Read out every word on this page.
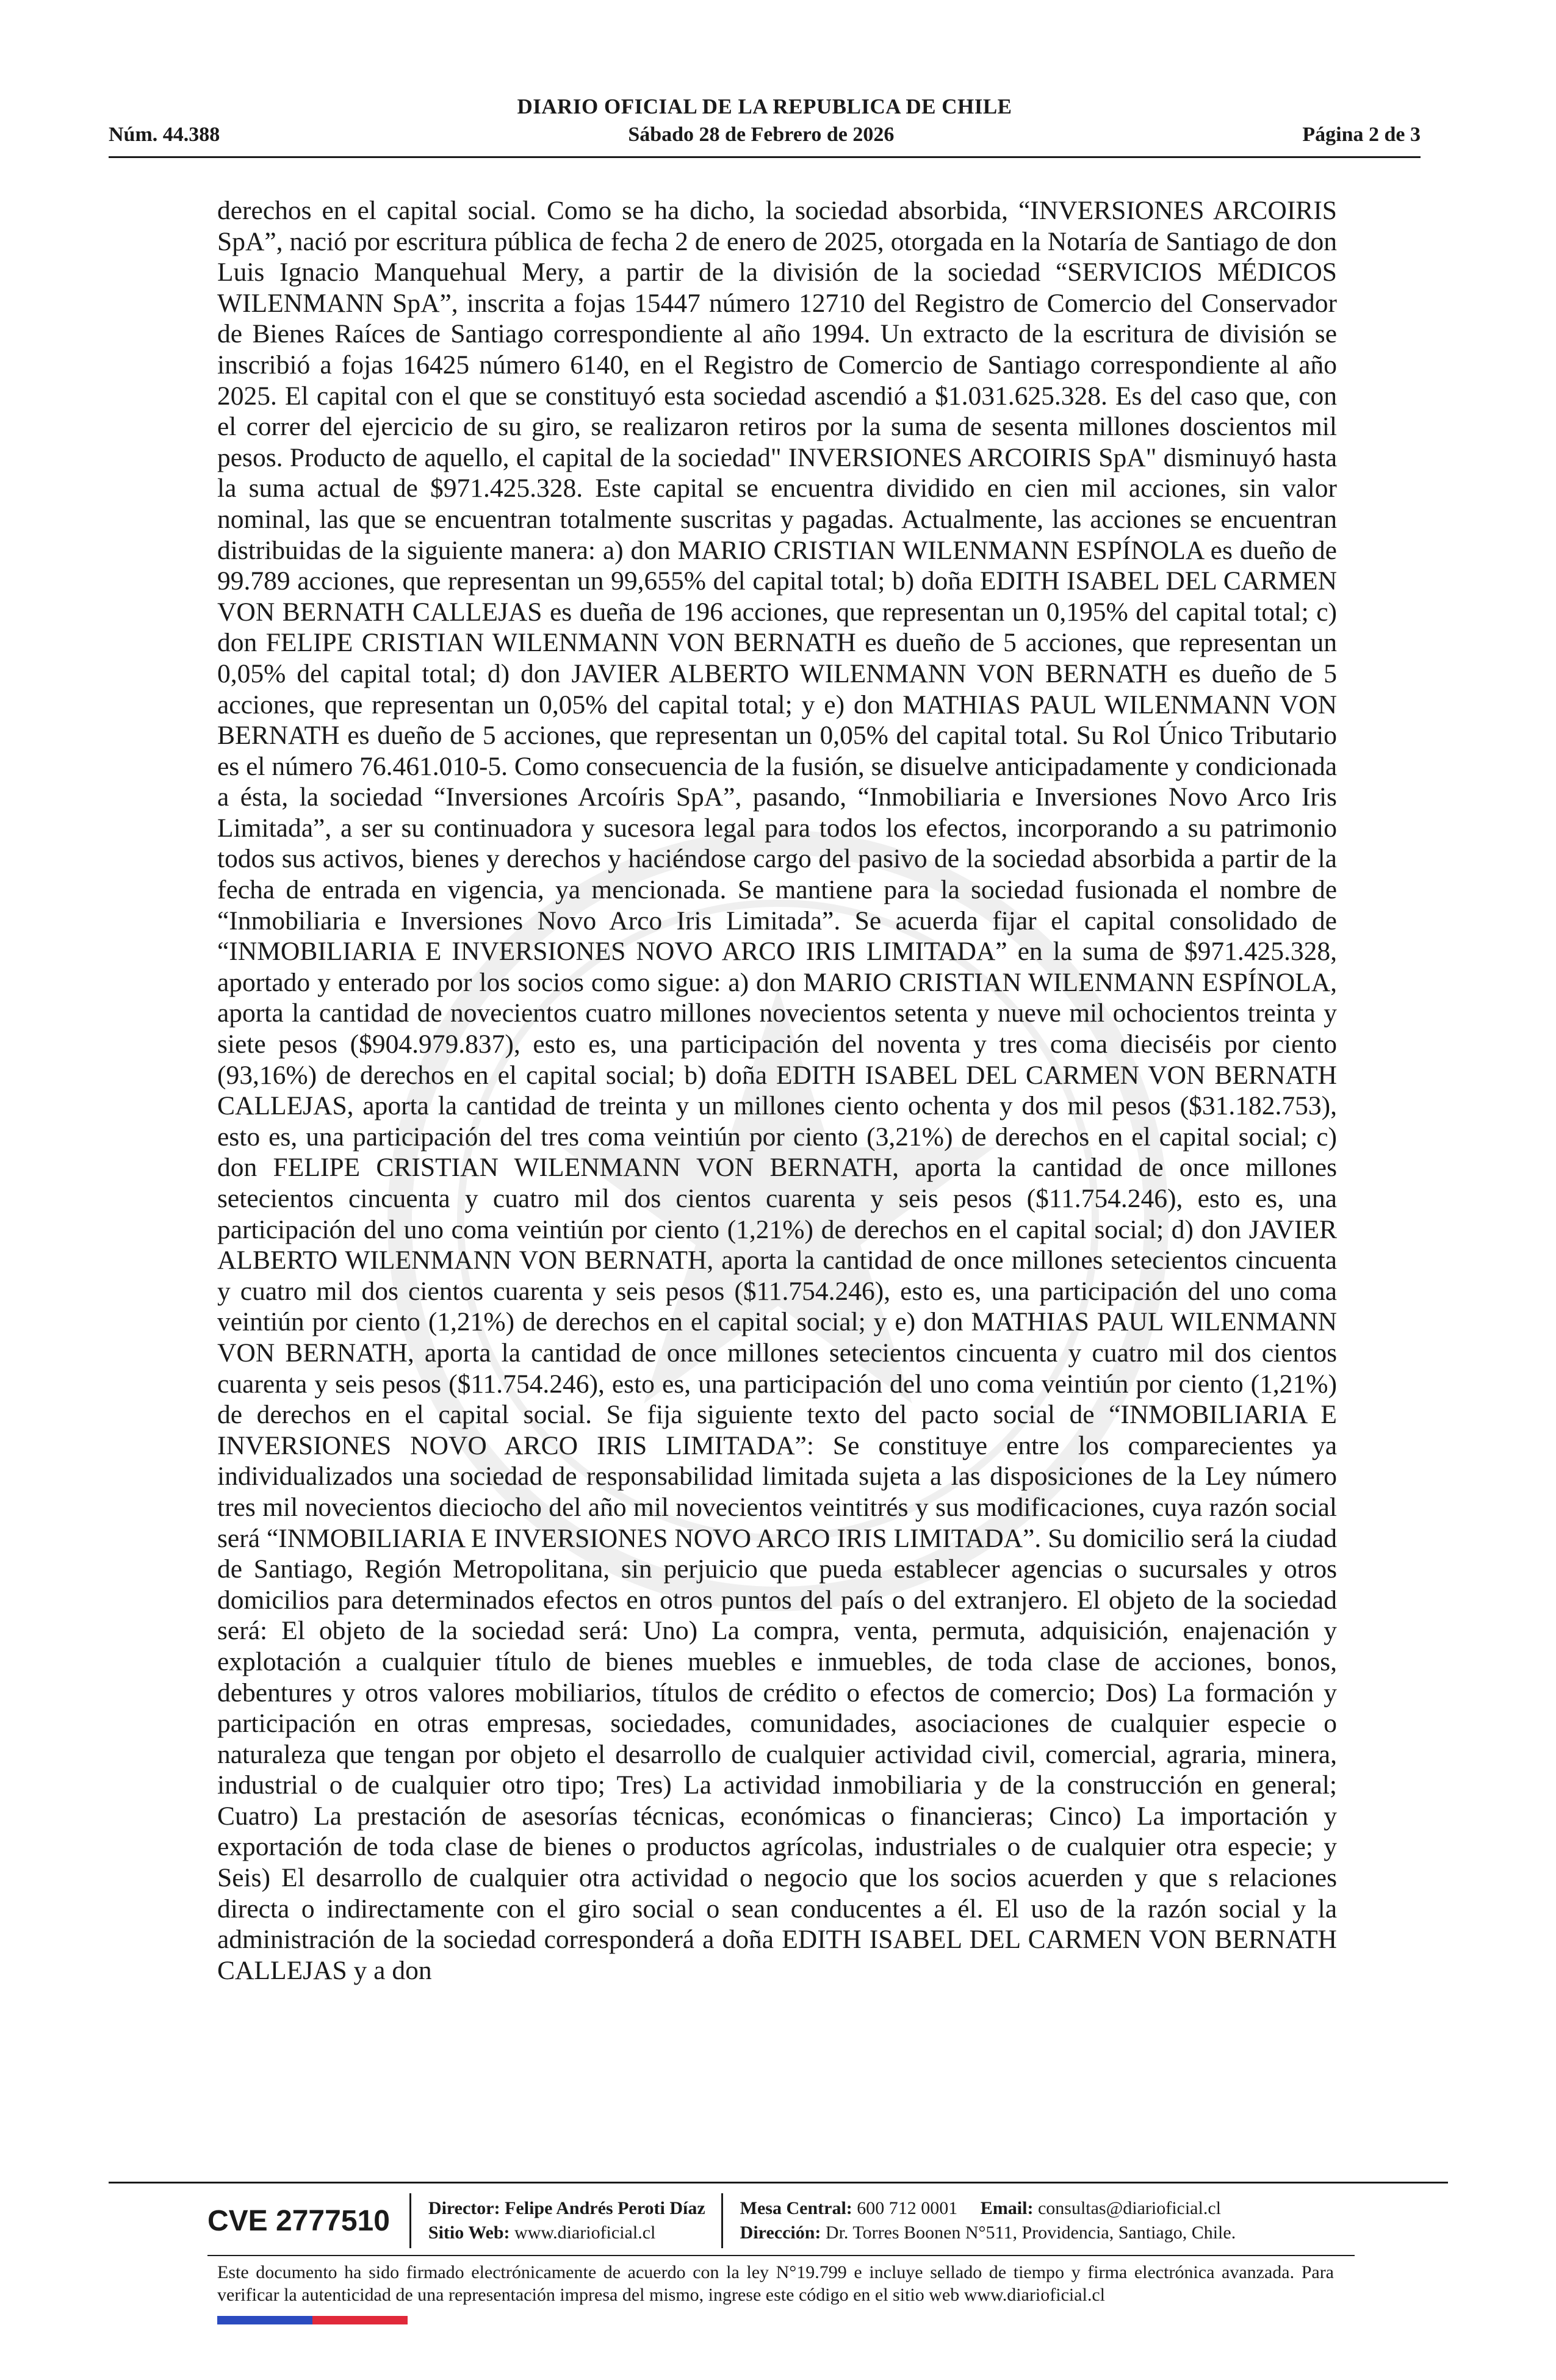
DIARIO OFICIAL DE LA REPUBLICA DE CHILE
Núm. 44.388	Sábado 28 de Febrero de 2026	Página 2 de 3
derechos en el capital social. Como se ha dicho, la sociedad absorbida, “INVERSIONES ARCOIRIS SpA”, nació por escritura pública de fecha 2 de enero de 2025, otorgada en la Notaría de Santiago de don Luis Ignacio Manquehual Mery, a partir de la división de la sociedad “SERVICIOS MÉDICOS WILENMANN SpA”, inscrita a fojas 15447 número 12710 del Registro de Comercio del Conservador de Bienes Raíces de Santiago correspondiente al año 1994. Un extracto de la escritura de división se inscribió a fojas 16425 número 6140, en el Registro de Comercio de Santiago correspondiente al año 2025. El capital con el que se constituyó esta sociedad ascendió a $1.031.625.328. Es del caso que, con el correr del ejercicio de su giro, se realizaron retiros por la suma de sesenta millones doscientos mil pesos. Producto de aquello, el capital de la sociedad" INVERSIONES ARCOIRIS SpA" disminuyó hasta la suma actual de $971.425.328. Este capital se encuentra dividido en cien mil acciones, sin valor nominal, las que se encuentran totalmente suscritas y pagadas. Actualmente, las acciones se encuentran distribuidas de la siguiente manera: a) don MARIO CRISTIAN WILENMANN ESPÍNOLA es dueño de 99.789 acciones, que representan un 99,655% del capital total; b) doña EDITH ISABEL DEL CARMEN VON BERNATH CALLEJAS es dueña de 196 acciones, que representan un 0,195% del capital total; c) don FELIPE CRISTIAN WILENMANN VON BERNATH es dueño de 5 acciones, que representan un 0,05% del capital total; d) don JAVIER ALBERTO WILENMANN VON BERNATH es dueño de 5 acciones, que representan un 0,05% del capital total; y e) don MATHIAS PAUL WILENMANN VON BERNATH es dueño de 5 acciones, que representan un 0,05% del capital total. Su Rol Único Tributario es el número 76.461.010-5. Como consecuencia de la fusión, se disuelve anticipadamente y condicionada a ésta, la sociedad “Inversiones Arcoíris SpA”, pasando, “Inmobiliaria e Inversiones Novo Arco Iris Limitada”, a ser su continuadora y sucesora legal para todos los efectos, incorporando a su patrimonio todos sus activos, bienes y derechos y haciéndose cargo del pasivo de la sociedad absorbida a partir de la fecha de entrada en vigencia, ya mencionada. Se mantiene para la sociedad fusionada el nombre de “Inmobiliaria e Inversiones Novo Arco Iris Limitada”. Se acuerda fijar el capital consolidado de “INMOBILIARIA E INVERSIONES NOVO ARCO IRIS LIMITADA” en la suma de $971.425.328, aportado y enterado por los socios como sigue: a) don MARIO CRISTIAN WILENMANN ESPÍNOLA, aporta la cantidad de novecientos cuatro millones novecientos setenta y nueve mil ochocientos treinta y siete pesos ($904.979.837), esto es, una participación del noventa y tres coma dieciséis por ciento (93,16%) de derechos en el capital social; b) doña EDITH ISABEL DEL CARMEN VON BERNATH CALLEJAS, aporta la cantidad de treinta y un millones ciento ochenta y dos mil pesos ($31.182.753), esto es, una participación del tres coma veintiún por ciento (3,21%) de derechos en el capital social; c) don FELIPE CRISTIAN WILENMANN VON BERNATH, aporta la cantidad de once millones setecientos cincuenta y cuatro mil dos cientos cuarenta y seis pesos ($11.754.246), esto es, una participación del uno coma veintiún por ciento (1,21%) de derechos en el capital social; d) don JAVIER ALBERTO WILENMANN VON BERNATH, aporta la cantidad de once millones setecientos cincuenta y cuatro mil dos cientos cuarenta y seis pesos ($11.754.246), esto es, una participación del uno coma veintiún por ciento (1,21%) de derechos en el capital social; y e) don MATHIAS PAUL WILENMANN VON BERNATH, aporta la cantidad de once millones setecientos cincuenta y cuatro mil dos cientos cuarenta y seis pesos ($11.754.246), esto es, una participación del uno coma veintiún por ciento (1,21%) de derechos en el capital social. Se fija siguiente texto del pacto social de “INMOBILIARIA E INVERSIONES NOVO ARCO IRIS LIMITADA”: Se constituye entre los comparecientes ya individualizados una sociedad de responsabilidad limitada sujeta a las disposiciones de la Ley número tres mil novecientos dieciocho del año mil novecientos veintitrés y sus modificaciones, cuya razón social será “INMOBILIARIA E INVERSIONES NOVO ARCO IRIS LIMITADA”. Su domicilio será la ciudad de Santiago, Región Metropolitana, sin perjuicio que pueda establecer agencias o sucursales y otros domicilios para determinados efectos en otros puntos del país o del extranjero. El objeto de la sociedad será: El objeto de la sociedad será: Uno) La compra, venta, permuta, adquisición, enajenación y explotación a cualquier título de bienes muebles e inmuebles, de toda clase de acciones, bonos, debentures y otros valores mobiliarios, títulos de crédito o efectos de comercio; Dos) La formación y participación en otras empresas, sociedades, comunidades, asociaciones de cualquier especie o naturaleza que tengan por objeto el desarrollo de cualquier actividad civil, comercial, agraria, minera, industrial o de cualquier otro tipo; Tres) La actividad inmobiliaria y de la construcción en general; Cuatro) La prestación de asesorías técnicas, económicas o financieras; Cinco) La importación y exportación de toda clase de bienes o productos agrícolas, industriales o de cualquier otra especie; y Seis) El desarrollo de cualquier otra actividad o negocio que los socios acuerden y que s relaciones directa o indirectamente con el giro social o sean conducentes a él. El uso de la razón social y la administración de la sociedad corresponderá a doña EDITH ISABEL DEL CARMEN VON BERNATH CALLEJAS y a don
CVE 2777510	Director: Felipe Andrés Peroti Díaz
Sitio Web: www.diarioficial.cl
Mesa Central: 600 712 0001 Email: consultas@diarioficial.cl
Dirección: Dr. Torres Boonen N°511, Providencia, Santiago, Chile.
Este documento ha sido firmado electrónicamente de acuerdo con la ley N°19.799 e incluye sellado de tiempo y firma electrónica avanzada. Para verificar la autenticidad de una representación impresa del mismo, ingrese este código en el sitio web www.diarioficial.cl
